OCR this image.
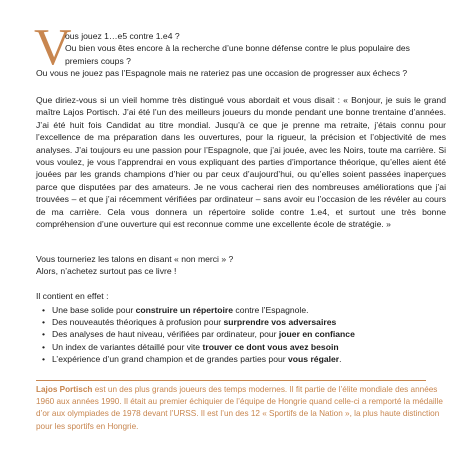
V

ous jouez 1…e5 contre 1.e4 ?

Ou bien vous êtes encore à la recherche d’une bonne défense contre le plus populaire des premiers coups ?

Ou vous ne jouez pas l’Espagnole mais ne rateriez pas une occasion de progresser aux échecs ?

Que diriez-vous si un vieil homme très distingué vous abordait et vous disait : « Bonjour, je suis le grand maître Lajos Portisch. J’ai été l’un des meilleurs joueurs du monde pendant une bonne trentaine d’années. J’ai été huit fois Candidat au titre mondial. Jusqu’à ce que je prenne ma retraite, j’étais connu pour l’excellence de ma préparation dans les ouvertures, pour la rigueur, la précision et l’objectivité de mes analyses. J’ai toujours eu une passion pour l’Espagnole, que j’ai jouée, avec les Noirs, toute ma carrière. Si vous voulez, je vous l’apprendrai en vous expliquant des parties d’importance théorique, qu’elles aient été jouées par les grands champions d’hier ou par ceux d’aujourd’hui, ou qu’elles soient passées inaperçues parce que disputées par des amateurs. Je ne vous cacherai rien des nombreuses améliorations que j’ai trouvées – et que j’ai récemment vérifiées par ordinateur – sans avoir eu l’occasion de les révéler au cours de ma carrière. Cela vous donnera un répertoire solide contre 1.e4, et surtout une très bonne compréhension d’une ouverture qui est reconnue comme une excellente école de stratégie. »

Vous tourneriez les talons en disant « non merci » ?

Alors, n’achetez surtout pas ce livre !

Il contient en effet :

• Une base solide pour construire un répertoire contre l’Espagnole.
• Des nouveautés théoriques à profusion pour surprendre vos adversaires
• Des analyses de haut niveau, vérifiées par ordinateur, pour jouer en confiance
• Un index de variantes détaillé pour vite trouver ce dont vous avez besoin
• L’expérience d’un grand champion et de grandes parties pour vous régaler.

Lajos Portisch est un des plus grands joueurs des temps modernes. Il fit partie de l’élite mondiale des années 1960 aux années 1990. Il était au premier échiquier de l’équipe de Hongrie quand celle-ci a remporté la médaille d’or aux olympiades de 1978 devant l’URSS. Il est l’un des 12 « Sportifs de la Nation », la plus haute distinction pour les sportifs en Hongrie.
